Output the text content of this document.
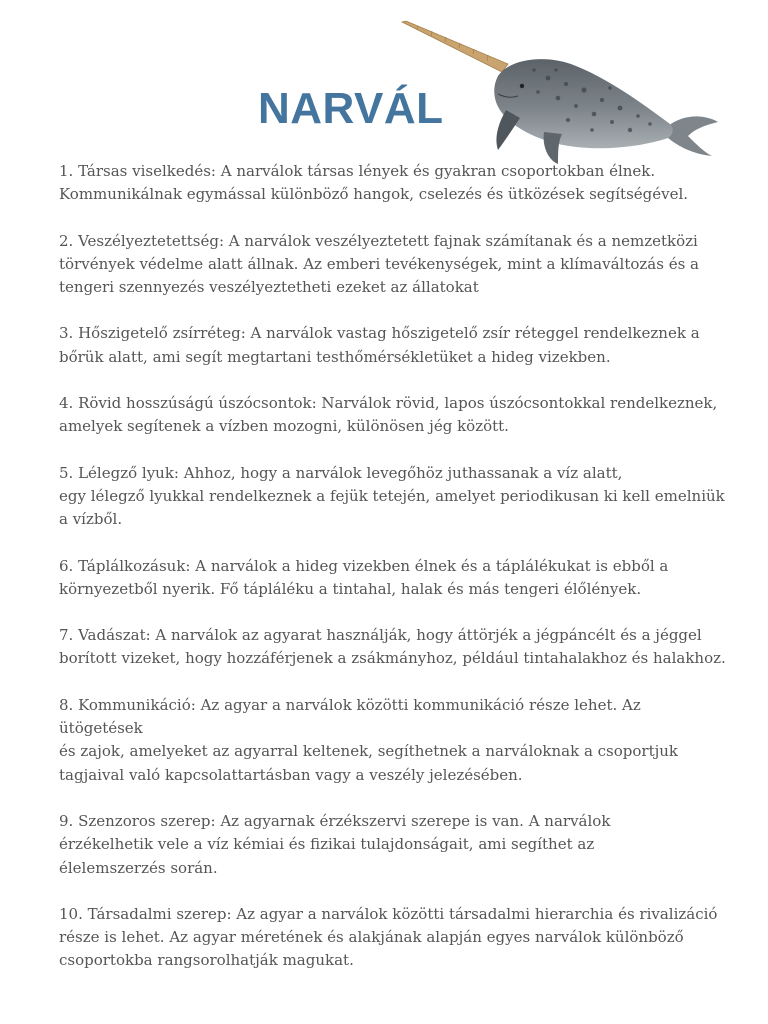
NARVÁL

1. Társas viselkedés: A narválok társas lények és gyakran csoportokban élnek.
Kommunikálnak egymással különböző hangok, cselezés és ütközések segítségével.

2. Veszélyeztetettség: A narválok veszélyeztetett fajnak számítanak és a nemzetközi
törvények védelme alatt állnak. Az emberi tevékenységek, mint a klímaváltozás és a
tengeri szennyezés veszélyeztetheti ezeket az állatokat

3. Hőszigetelő zsírréteg: A narválok vastag hőszigetelő zsír réteggel rendelkeznek a
bőrük alatt, ami segít megtartani testhőmérsékletüket a hideg vizekben.

4. Rövid hosszúságú úszócsontok: Narválok rövid, lapos úszócsontokkal rendelkeznek,
amelyek segítenek a vízben mozogni, különösen jég között.

5. Lélegző lyuk: Ahhoz, hogy a narválok levegőhöz juthassanak a víz alatt,
egy lélegző lyukkal rendelkeznek a fejük tetején, amelyet periodikusan ki kell emelniük
a vízből.

6. Táplálkozásuk: A narválok a hideg vizekben élnek és a táplálékukat is ebből a
környezetből nyerik. Fő tápláléku a tintahal, halak és más tengeri élőlények.

7. Vadászat: A narválok az agyarat használják, hogy áttörjék a jégpáncélt és a jéggel
borított vizeket, hogy hozzáférjenek a zsákmányhoz, például tintahalakhoz és halakhoz.

8. Kommunikáció: Az agyar a narválok közötti kommunikáció része lehet. Az ütögetések
és zajok, amelyeket az agyarral keltenek, segíthetnek a narváloknak a csoportjuk
tagjaival való kapcsolattartásban vagy a veszély jelezésében.

9. Szenzoros szerep: Az agyarnak érzékszervi szerepe is van. A narválok
érzékelhetik vele a víz kémiai és fizikai tulajdonságait, ami segíthet az
élelemszerzés során.

10. Társadalmi szerep: Az agyar a narválok közötti társadalmi hierarchia és rivalizáció
része is lehet. Az agyar méretének és alakjának alapján egyes narválok különböző
csoportokba rangsorolhatják magukat.
